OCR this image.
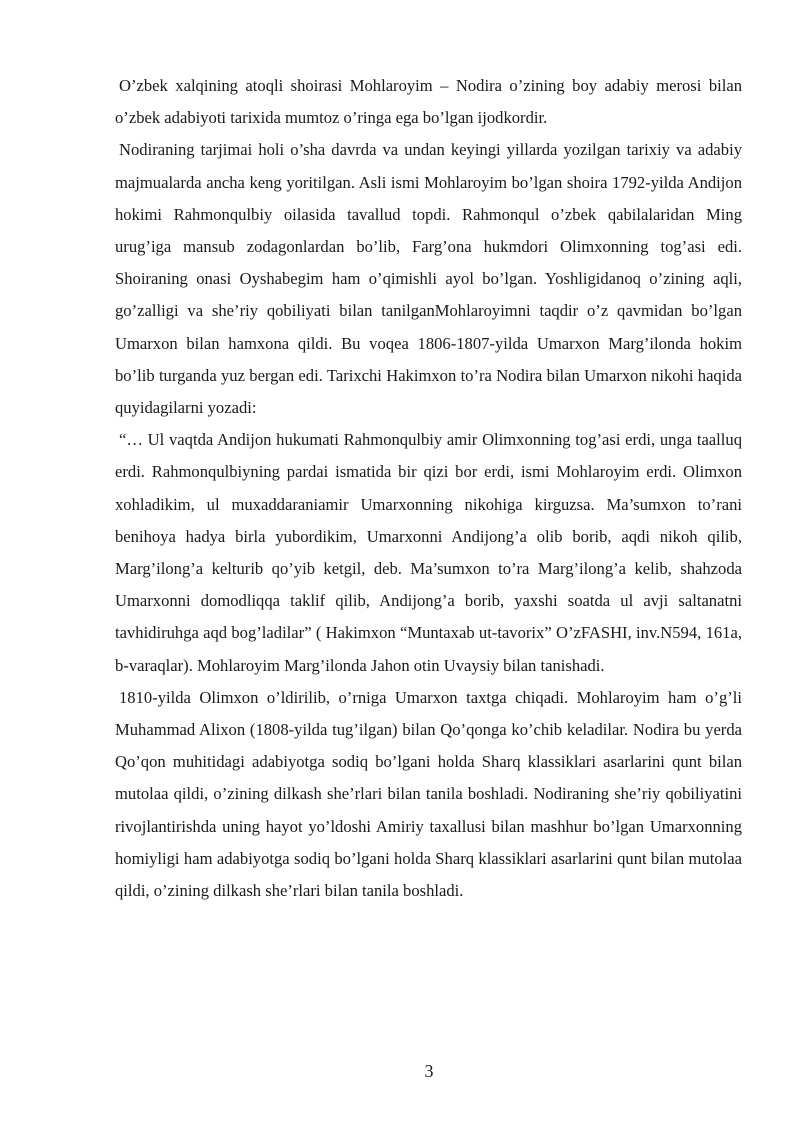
O’zbek xalqining atoqli shoirasi Mohlaroyim – Nodira o’zining boy adabiy merosi bilan o’zbek adabiyoti tarixida mumtoz o’ringa ega bo’lgan ijodkordir.

Nodiraning tarjimai holi o’sha davrda va undan keyingi yillarda yozilgan tarixiy va adabiy majmualarda ancha keng yoritilgan. Asli ismi Mohlaroyim bo’lgan shoira 1792-yilda Andijon hokimi Rahmonqulbiy oilasida tavallud topdi. Rahmonqul o’zbek qabilalaridan Ming urug’iga mansub zodagonlardan bo’lib, Farg’ona hukmdori Olimxonning tog’asi edi. Shoiraning onasi Oyshabegim ham o’qimishli ayol bo’lgan. Yoshligidanoq o’zining aqli, go’zalligi va she’riy qobiliyati bilan tanilganMohlaroyimni taqdir o’z qavmidan bo’lgan Umarxon bilan hamxona qildi. Bu voqea 1806-1807-yilda Umarxon Marg’ilonda hokim bo’lib turganda yuz bergan edi. Tarixchi Hakimxon to’ra Nodira bilan Umarxon nikohi haqida quyidagilarni yozadi:

“… Ul vaqtda Andijon hukumati Rahmonqulbiy amir Olimxonning tog’asi erdi, unga taalluq erdi. Rahmonqulbiyning pardai ismatida bir qizi bor erdi, ismi Mohlaroyim erdi. Olimxon xohladikim, ul muxaddaraniamir Umarxonning nikohiga kirguzsa. Ma’sumxon to’rani benihoya hadya birla yubordikim, Umarxonni Andijong’a olib borib, aqdi nikoh qilib, Marg’ilong’a kelturib qo’yib ketgil, deb. Ma’sumxon to’ra Marg’ilong’a kelib, shahzoda Umarxonni domodliqqa taklif qilib, Andijong’a borib, yaxshi soatda ul avji saltanatni tavhidiruhga aqd bog’ladilar” ( Hakimxon “Muntaxab ut-tavorix” O’zFASHI, inv.N594, 161a, b-varaqlar). Mohlaroyim Marg’ilonda Jahon otin Uvaysiy bilan tanishadi.

1810-yilda Olimxon o’ldirilib, o’rniga Umarxon taxtga chiqadi. Mohlaroyim ham o’g’li Muhammad Alixon (1808-yilda tug’ilgan) bilan Qo’qonga ko’chib keladilar. Nodira bu yerda Qo’qon muhitidagi adabiyotga sodiq bo’lgani holda Sharq klassiklari asarlarini qunt bilan mutolaa qildi, o’zining dilkash she’rlari bilan tanila boshladi. Nodiraning she’riy qobiliyatini rivojlantirishda uning hayot yo’ldoshi Amiriy taxallusi bilan mashhur bo’lgan Umarxonning homiyligi ham adabiyotga sodiq bo’lgani holda Sharq klassiklari asarlarini qunt bilan mutolaa qildi, o’zining dilkash she’rlari bilan tanila boshladi.

3
